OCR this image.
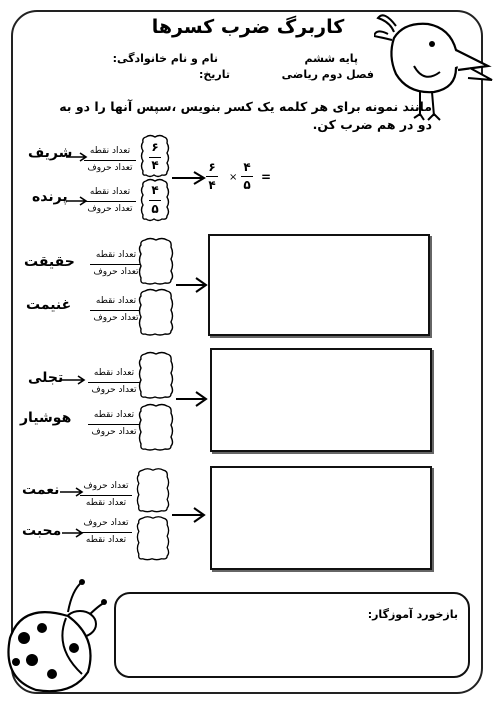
کاربرگ ضرب کسرها
نام و نام خانوادگی:
تاریخ:
پایه ششم
فصل دوم ریاضی
مانند نمونه برای هر کلمه یک کسر بنویس ،سپس آنها را دو به دو در هم ضرب کن.
شریف	تعداد نقطه
تعداد حروف
۶
۴
پرنده	تعداد نقطه
تعداد حروف
۴
۵
۶
۴
×
۴
۵
=
حقیقت	تعداد نقطه
تعداد حروف
غنیمت	تعداد نقطه
تعداد حروف
تجلی	تعداد نقطه
تعداد حروف
هوشیار	تعداد نقطه
تعداد حروف
نعمت	تعداد حروف
تعداد نقطه
محبت	تعداد حروف
تعداد نقطه
بازخورد آموزگار:
